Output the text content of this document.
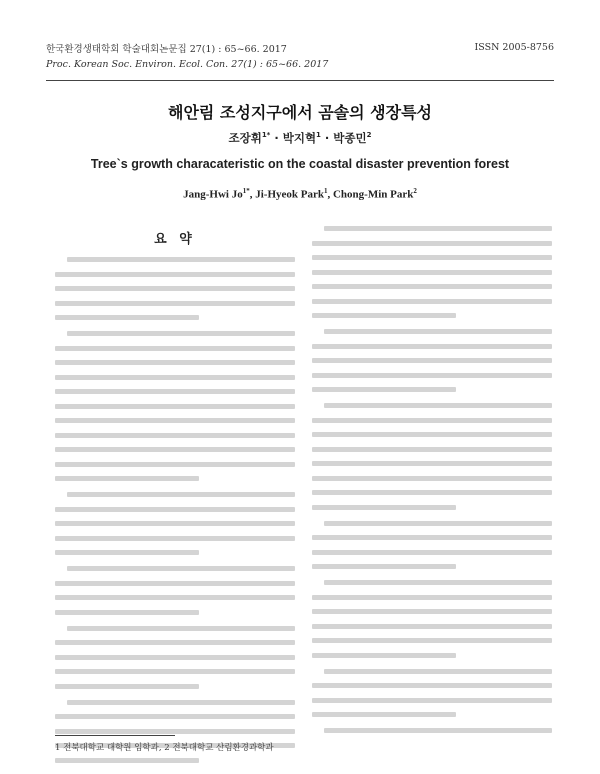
한국환경생태학회 학술대회논문집 27(1) : 65~66. 2017
Proc. Korean Soc. Environ. Ecol. Con. 27(1) : 65~66. 2017
ISSN 2005-8756
해안림 조성지구에서 곰솔의 생장특성
조장휘$^{1*}$ · 박지혁$^1$ · 박종민$^2$
Tree`s growth characateristic on the coastal disaster prevention forest
Jang-Hwi $Jo^{1*}$, Ji-Hyeok Park$^1$, Chong-Min Park$^2$
요 약
1 전북대학교 대학원 임학과, 2 전북대학교 산림환경과학과
